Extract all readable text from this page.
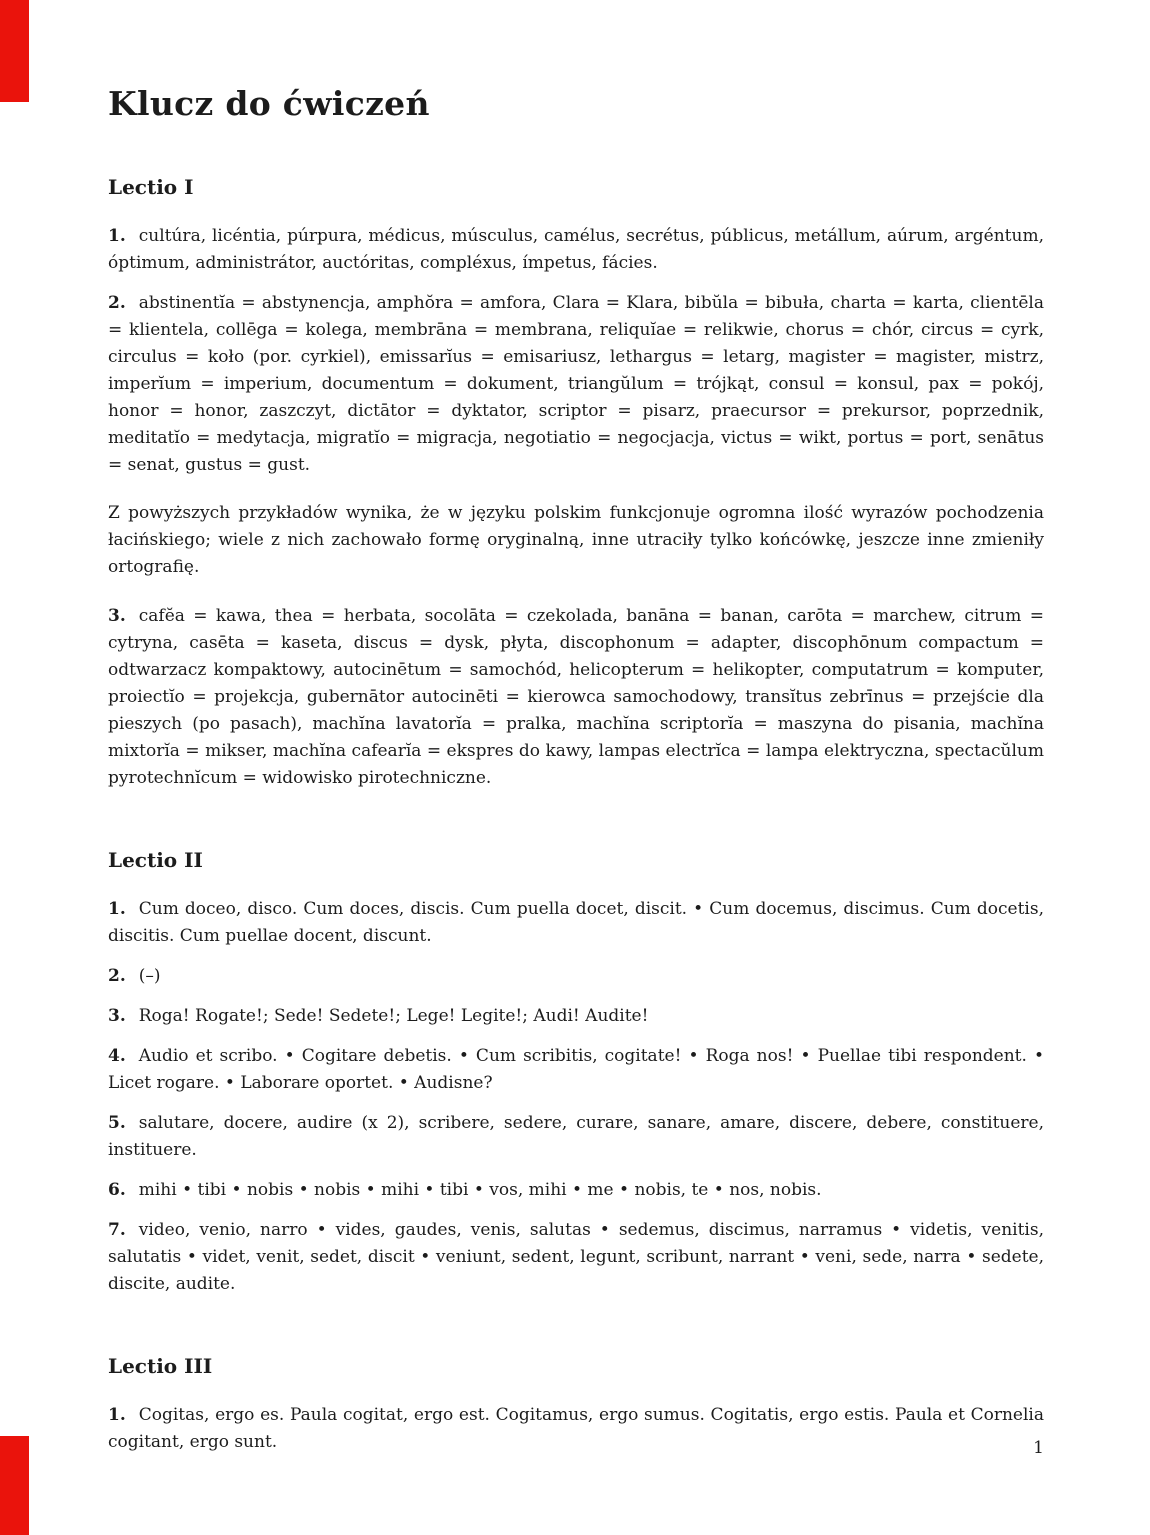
Klucz do ćwiczeń
Lectio I

1. cultúra, licéntia, púrpura, médicus, músculus, camélus, secrétus, públicus, metállum, aúrum, argéntum, óptimum, administrátor, auctóritas, compléxus, ímpetus, fácies.

2. abstinentĭa = abstynencja, amphŏra = amfora, Clara = Klara, bibŭla = bibuła, charta = karta, clientēla = klientela, collēga = kolega, membrāna = membrana, reliquĭae = relikwie, chorus = chór, circus = cyrk, circulus = koło (por. cyrkiel), emissarĭus = emisariusz, lethargus = letarg, magister = magister, mistrz, imperĭum = imperium, documentum = dokument, triangŭlum = trójkąt, consul = konsul, pax = pokój, honor = honor, zaszczyt, dictātor = dyktator, scriptor = pisarz, praecursor = prekursor, poprzednik, meditatĭo = medytacja, migratĭo = migracja, negotiatio = negocjacja, victus = wikt, portus = port, senātus = senat, gustus = gust.

Z powyższych przykładów wynika, że w języku polskim funkcjonuje ogromna ilość wyrazów pochodzenia łacińskiego; wiele z nich zachowało formę oryginalną, inne utraciły tylko końcówkę, jeszcze inne zmieniły ortografię.

3. cafĕa = kawa, thea = herbata, socolāta = czekolada, banāna = banan, carōta = marchew, citrum = cytryna, casēta = kaseta, discus = dysk, płyta, discophonum = adapter, discophōnum compactum = odtwarzacz kompaktowy, autocinētum = samochód, helicopterum = helikopter, computatrum = komputer, proiectĭo = projekcja, gubernātor autocinēti = kierowca samochodowy, transĭtus zebrīnus = przejście dla pieszych (po pasach), machĭna lavatorĭa = pralka, machĭna scriptorĭa = maszyna do pisania, machĭna mixtorĭa = mikser, machĭna cafearĭa = ekspres do kawy, lampas electrĭca = lampa elektryczna, spectacŭlum pyrotechnĭcum = widowisko pirotechniczne.

Lectio II

1. Cum doceo, disco. Cum doces, discis. Cum puella docet, discit. • Cum docemus, discimus. Cum docetis, discitis. Cum puellae docent, discunt.

2. (–)

3. Roga! Rogate!; Sede! Sedete!; Lege! Legite!; Audi! Audite!

4. Audio et scribo. • Cogitare debetis. • Cum scribitis, cogitate! • Roga nos! • Puellae tibi respondent. • Licet rogare. • Laborare oportet. • Audisne?

5. salutare, docere, audire (x 2), scribere, sedere, curare, sanare, amare, discere, debere, constituere, instituere.

6. mihi • tibi • nobis • nobis • mihi • tibi • vos, mihi • me • nobis, te • nos, nobis.

7. video, venio, narro • vides, gaudes, venis, salutas • sedemus, discimus, narramus • videtis, venitis, salutatis • videt, venit, sedet, discit • veniunt, sedent, legunt, scribunt, narrant • veni, sede, narra • sedete, discite, audite.

Lectio III

1. Cogitas, ergo es. Paula cogitat, ergo est. Cogitamus, ergo sumus. Cogitatis, ergo estis. Paula et Cornelia cogitant, ergo sunt.	1
